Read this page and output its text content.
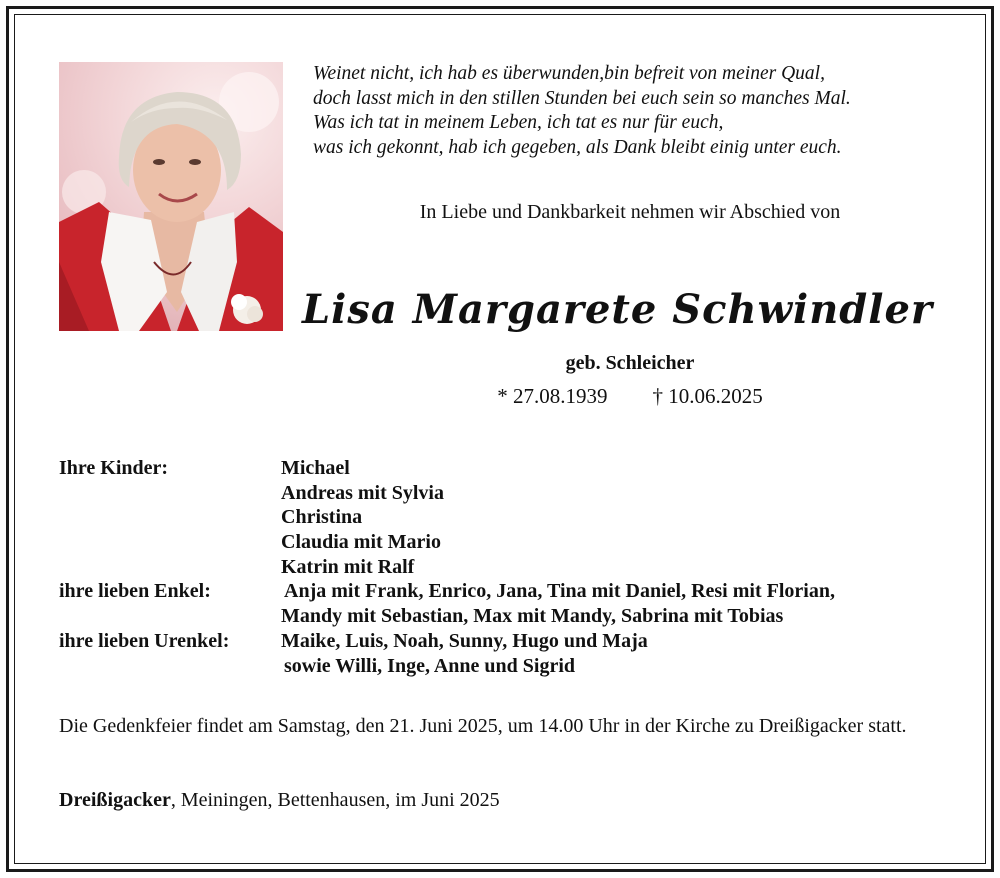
Weinet nicht, ich hab es überwunden,bin befreit von meiner Qual,
doch lasst mich in den stillen Stunden bei euch sein so manches Mal.
Was ich tat in meinem Leben, ich tat es nur für euch,
was ich gekonnt, hab ich gegeben, als Dank bleibt einig unter euch.
In Liebe und Dankbarkeit nehmen wir Abschied von
Lisa Margarete Schwindler
geb. Schleicher
* 27.08.1939 † 10.06.2025
Ihre Kinder:	Michael
Andreas mit Sylvia
Christina
Claudia mit Mario
Katrin mit Ralf
ihre lieben Enkel:	Anja mit Frank, Enrico, Jana, Tina mit Daniel, Resi mit Florian,
Mandy mit Sebastian, Max mit Mandy, Sabrina mit Tobias
ihre lieben Urenkel:	Maike, Luis, Noah, Sunny, Hugo und Maja
sowie Willi, Inge, Anne und Sigrid
Die Gedenkfeier findet am Samstag, den 21. Juni 2025, um 14.00 Uhr in der Kirche zu Dreißigacker statt.
Dreißigacker, Meiningen, Bettenhausen, im Juni 2025
